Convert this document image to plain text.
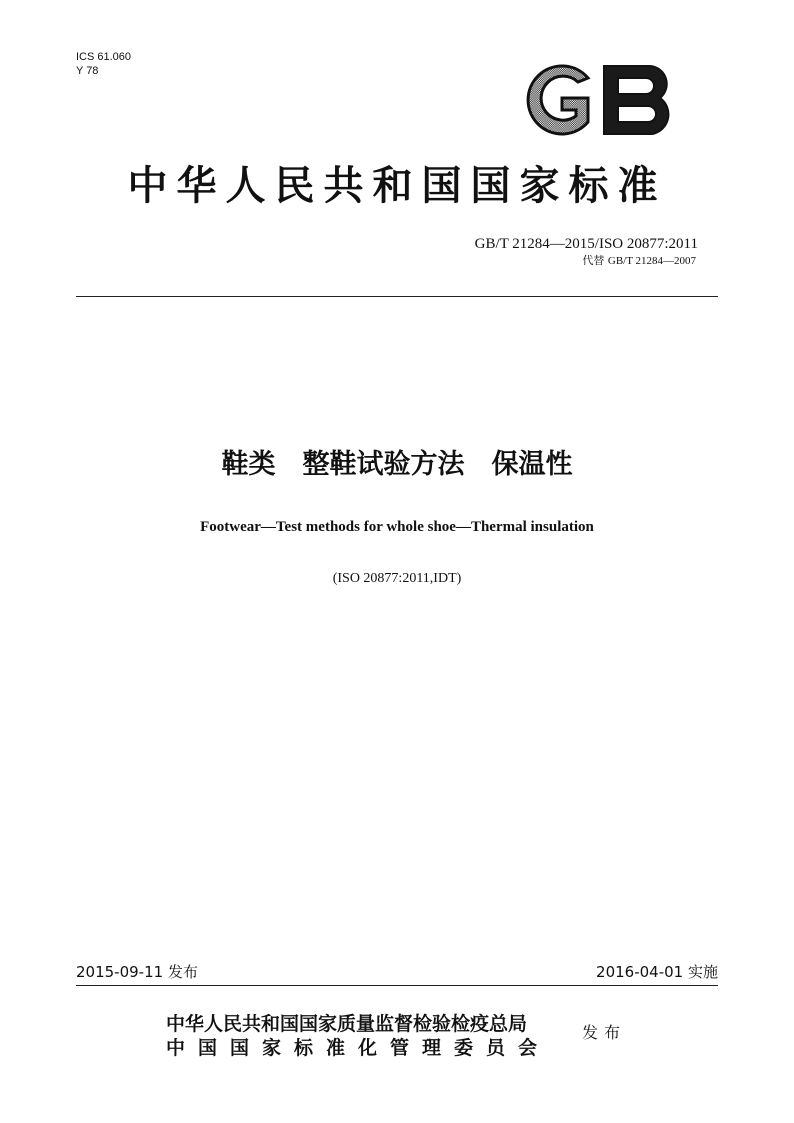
ICS 61.060
Y 78
中华人民共和国国家标准
GB/T 21284—2015/ISO 20877:2011
代替 GB/T 21284—2007
鞋类　整鞋试验方法　保温性
Footwear—Test methods for whole shoe—Thermal insulation
(ISO 20877:2011,IDT)
2015-09-11 发布	2016-04-01 实施
中华人民共和国国家质量监督检验检疫总局
中国国家标准化管理委员会
发布
